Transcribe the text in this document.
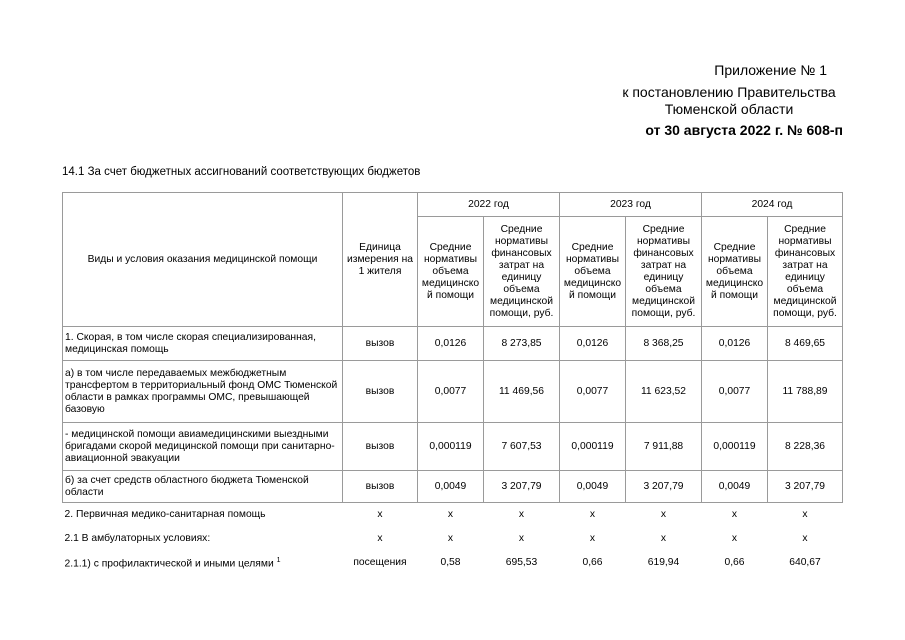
Приложение № 1
к постановлению Правительства Тюменской области
от 30 августа 2022 г. № 608-п
14.1 За счет бюджетных ассигнований соответствующих бюджетов
Виды и условия оказания медицинской помощи	Единица измерения на 1 жителя	2022 год		2023 год		2024 год	
		Средние нормативы объема медицинско й помощи	Средние нормативы финансовых затрат на единицу объема медицинской помощи, руб.	Средние нормативы объема медицинско й помощи	Средние нормативы финансовых затрат на единицу объема медицинской помощи, руб.	Средние нормативы объема медицинско й помощи	Средние нормативы финансовых затрат на единицу объема медицинской помощи, руб.
1. Скорая, в том числе скорая специализированная, медицинская помощь	вызов	0,0126	8 273,85	0,0126	8 368,25	0,0126	8 469,65
а) в том числе передаваемых межбюджетным трансфертом в территориальный фонд ОМС Тюменской области в рамках программы ОМС, превышающей базовую	вызов	0,0077	11 469,56	0,0077	11 623,52	0,0077	11 788,89
- медицинской помощи авиамедицинскими выездными бригадами скорой медицинской помощи при санитарно-авиационной эвакуации	вызов	0,000119	7 607,53	0,000119	7 911,88	0,000119	8 228,36
б) за счет средств областного бюджета Тюменской области	вызов	0,0049	3 207,79	0,0049	3 207,79	0,0049	3 207,79
2. Первичная медико-санитарная помощь	x	x	x	x	x	x	x
2.1 В амбулаторных условиях:	x	x	x	x	x	x	x
2.1.1) с профилактической и иными целями $^1$	посещения	0,58	695,53	0,66	619,94	0,66	640,67
